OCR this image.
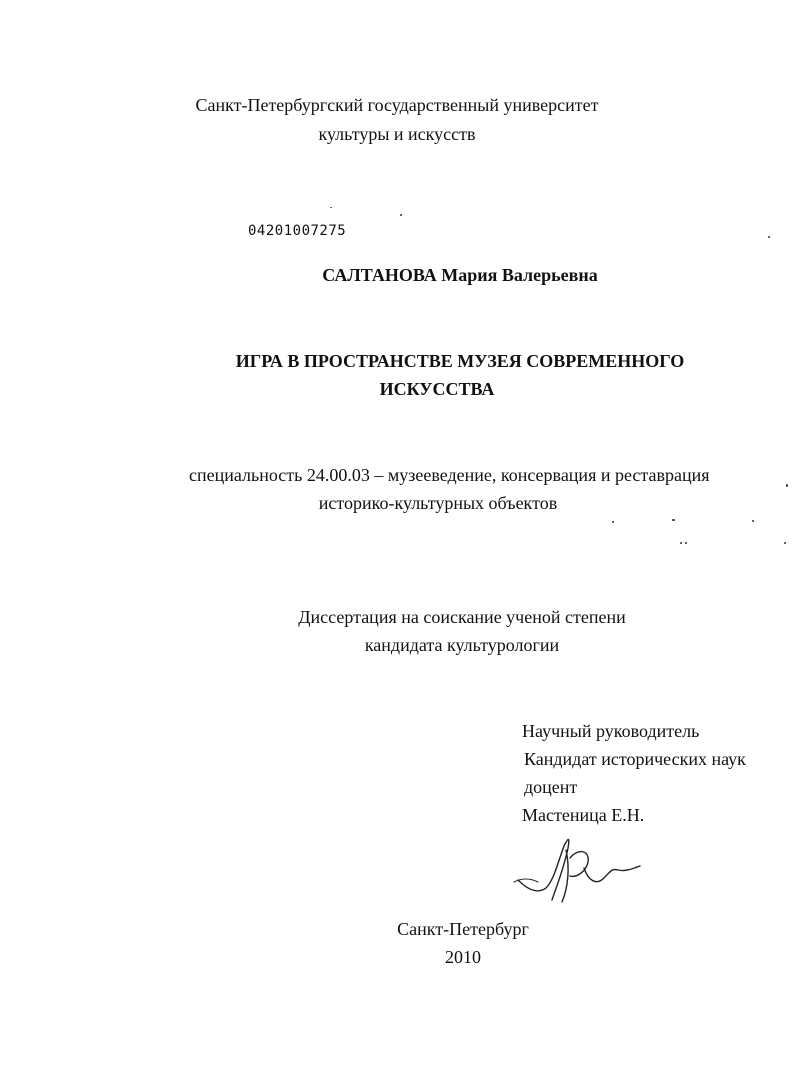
Санкт-Петербургский государственный университет
культуры и искусств
04201007275
САЛТАНОВА Мария Валерьевна
ИГРА В ПРОСТРАНСТВЕ МУЗЕЯ СОВРЕМЕННОГО
ИСКУССТВА
специальность 24.00.03 – музееведение, консервация и реставрация
историко-культурных объектов
Диссертация на соискание ученой степени
кандидата культурологии
Научный руководитель
Кандидат исторических наук
доцент
Мастеница Е.Н.
Санкт-Петербург
2010
